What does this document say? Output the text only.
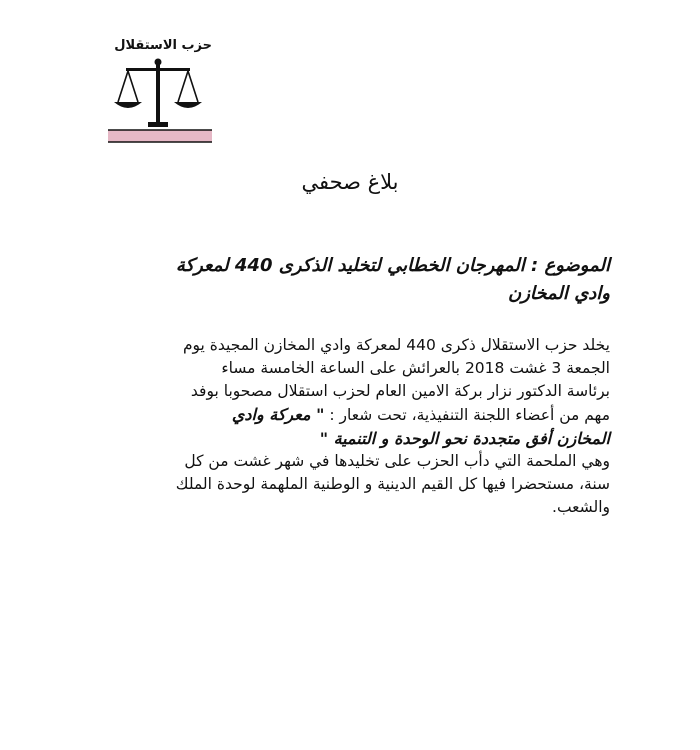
حزب الاستقلال
بلاغ صحفي
الموضوع : المهرجان الخطابي لتخليد الذكرى 440 لمعركة
وادي المخازن
يخلد حزب الاستقلال ذكرى 440 لمعركة وادي المخازن المجيدة يوم
الجمعة 3 غشت 2018 بالعرائش على الساعة الخامسة مساء
برئاسة الدكتور نزار بركة الامين العام لحزب استقلال مصحوبا بوفد
مهم من أعضاء اللجنة التنفيذية، تحت شعار : " معركة وادي
المخازن أفق متجددة نحو الوحدة و التنمية "
وهي الملحمة التي دأب الحزب على تخليدها في شهر غشت من كل
سنة، مستحضرا فيها كل القيم الدينية و الوطنية الملهمة لوحدة الملك
والشعب.
